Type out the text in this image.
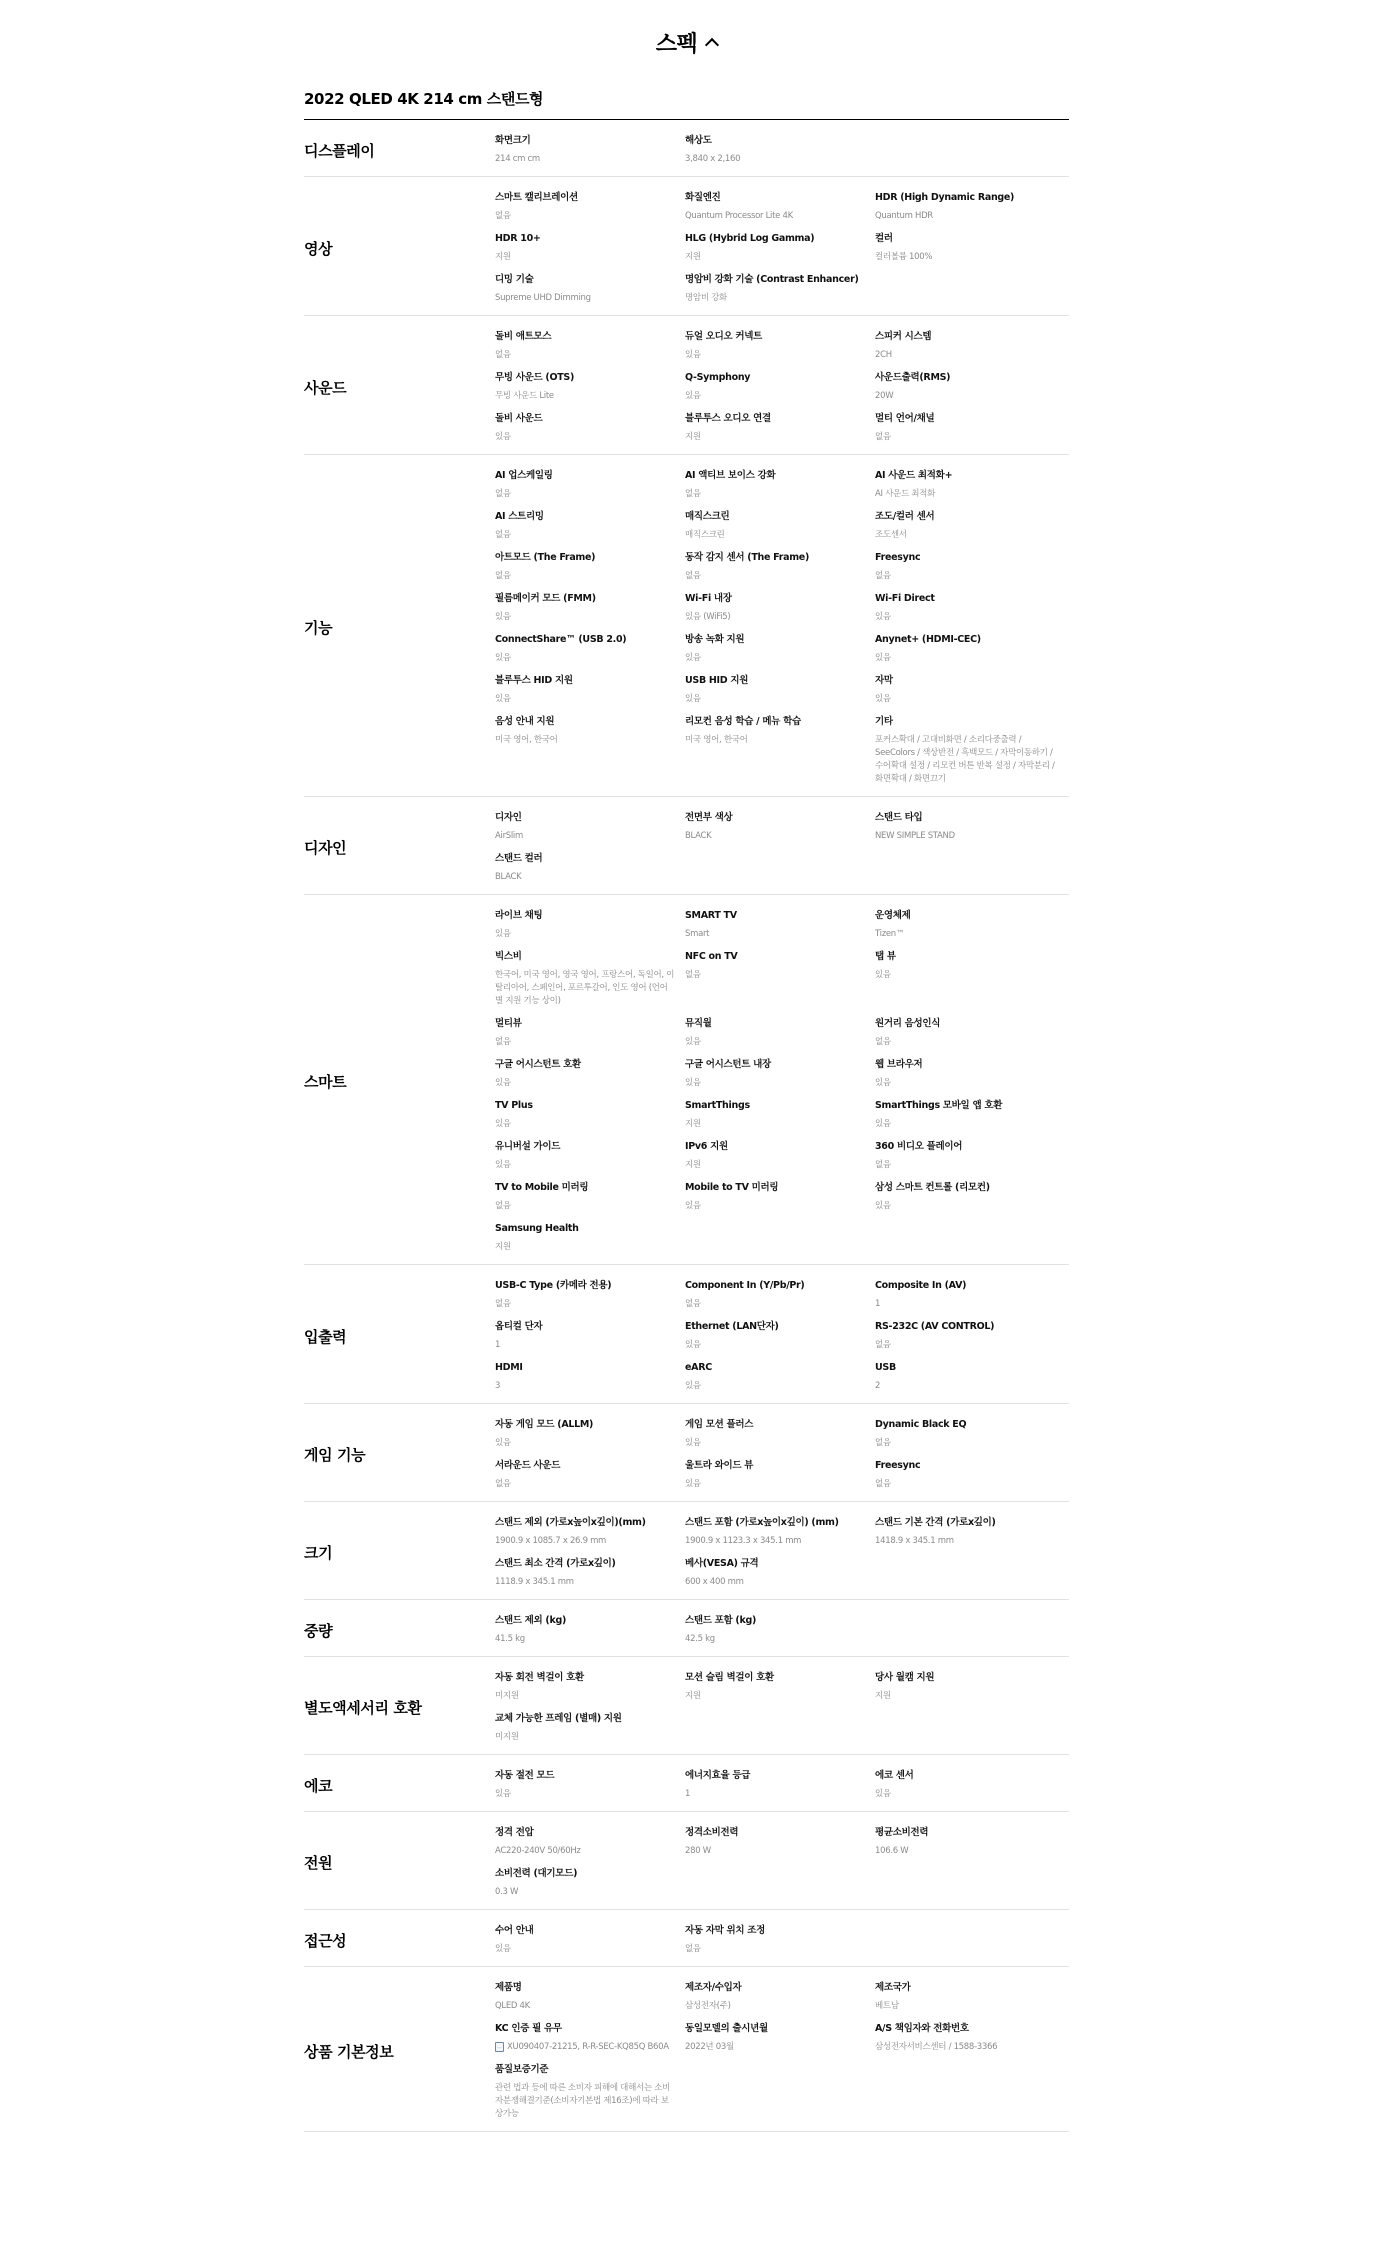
스펙
2022 QLED 4K 214 cm 스탠드형
디스플레이
화면크기
214 cm cm
해상도
3,840 x 2,160
영상
스마트 캘리브레이션
없음
화질엔진
Quantum Processor Lite 4K
HDR (High Dynamic Range)
Quantum HDR
HDR 10+
지원
HLG (Hybrid Log Gamma)
지원
컬러
컬러볼륨 100%
디밍 기술
Supreme UHD Dimming
명암비 강화 기술 (Contrast Enhancer)
명암비 강화
사운드
돌비 애트모스
없음
듀얼 오디오 커넥트
있음
스피커 시스템
2CH
무빙 사운드 (OTS)
무빙 사운드 Lite
Q-Symphony
있음
사운드출력(RMS)
20W
돌비 사운드
있음
블루투스 오디오 연결
지원
멀티 언어/채널
없음
기능
AI 업스케일링
없음
AI 액티브 보이스 강화
없음
AI 사운드 최적화+
AI 사운드 최적화
AI 스트리밍
없음
매직스크린
매직스크린
조도/컬러 센서
조도센서
아트모드 (The Frame)
없음
동작 감지 센서 (The Frame)
없음
Freesync
없음
필름메이커 모드 (FMM)
있음
Wi-Fi 내장
있음 (WiFi5)
Wi-Fi Direct
있음
ConnectShare™ (USB 2.0)
있음
방송 녹화 지원
있음
Anynet+ (HDMI-CEC)
있음
블루투스 HID 지원
있음
USB HID 지원
있음
자막
있음
음성 안내 지원
미국 영어, 한국어
리모컨 음성 학습 / 메뉴 학습
미국 영어, 한국어
기타
포커스확대 / 고대비화면 / 소리다중출력 / SeeColors / 색상반전 / 흑백모드 / 자막이동하기 / 수어확대 설정 / 리모컨 버튼 반복 설정 / 자막분리 / 화면확대 / 화면끄기
디자인
디자인
AirSlim
전면부 색상
BLACK
스탠드 타입
NEW SIMPLE STAND
스탠드 컬러
BLACK
스마트
라이브 채팅
있음
SMART TV
Smart
운영체제
Tizen™
빅스비
한국어, 미국 영어, 영국 영어, 프랑스어, 독일어, 이탈리아어, 스페인어, 포르투갈어, 인도 영어 (언어별 지원 기능 상이)
NFC on TV
없음
탭 뷰
있음
멀티뷰
없음
뮤직월
있음
원거리 음성인식
없음
구글 어시스턴트 호환
있음
구글 어시스턴트 내장
있음
웹 브라우저
있음
TV Plus
있음
SmartThings
지원
SmartThings 모바일 앱 호환
있음
유니버설 가이드
있음
IPv6 지원
지원
360 비디오 플레이어
없음
TV to Mobile 미러링
없음
Mobile to TV 미러링
있음
삼성 스마트 컨트롤 (리모컨)
있음
Samsung Health
지원
입출력
USB-C Type (카메라 전용)
없음
Component In (Y/Pb/Pr)
없음
Composite In (AV)
1
옵티컬 단자
1
Ethernet (LAN단자)
있음
RS-232C (AV CONTROL)
없음
HDMI
3
eARC
있음
USB
2
게임 기능
자동 게임 모드 (ALLM)
있음
게임 모션 플러스
있음
Dynamic Black EQ
없음
서라운드 사운드
없음
울트라 와이드 뷰
있음
Freesync
없음
크기
스탠드 제외 (가로x높이x깊이)(mm)
1900.9 x 1085.7 x 26.9 mm
스탠드 포함 (가로x높이x깊이) (mm)
1900.9 x 1123.3 x 345.1 mm
스탠드 기본 간격 (가로x깊이)
1418.9 x 345.1 mm
스탠드 최소 간격 (가로x깊이)
1118.9 x 345.1 mm
베사(VESA) 규격
600 x 400 mm
중량
스탠드 제외 (kg)
41.5 kg
스탠드 포함 (kg)
42.5 kg
별도액세서리 호환
자동 회전 벽걸이 호환
미지원
모션 슬림 벽걸이 호환
지원
당사 월캠 지원
지원
교체 가능한 프레임 (별매) 지원
미지원
에코
자동 절전 모드
있음
에너지효율 등급
1
에코 센서
있음
전원
정격 전압
AC220-240V 50/60Hz
정격소비전력
280 W
평균소비전력
106.6 W
소비전력 (대기모드)
0.3 W
접근성
수어 안내
있음
자동 자막 위치 조정
없음
상품 기본정보
제품명
QLED 4K
제조자/수입자
삼성전자(주)
제조국가
베트남
KC 인증 필 유무
XU090407-21215, R-R-SEC-KQ85Q B60A
동일모델의 출시년월
2022년 03월
A/S 책임자와 전화번호
삼성전자서비스센터 / 1588-3366
품질보증기준
관련 법과 등에 따른 소비자 피해에 대해서는 소비자분쟁해결기준(소비자기본법 제16조)에 따라 보상가능
